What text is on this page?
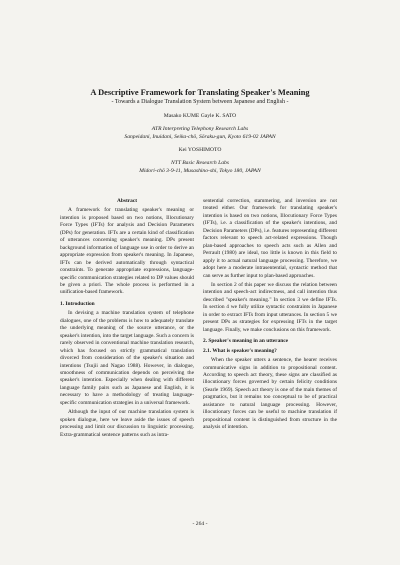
A Descriptive Framework for Translating Speaker's Meaning
- Towards a Dialogue Translation System between Japanese and English -
Masako KUME Gayle K. SATO
ATR Interpreting Telephony Research Labs
Sanpeidani, Inuidani, Seika-chō, Sōraku-gun, Kyoto 619-02 JAPAN
Kei YOSHIMOTO
NTT Basic Research Labs
Midori-chō 3-9-11, Musashino-shi, Tokyo 180, JAPAN

Abstract

A framework for translating speaker's meaning or intention is proposed based on two notions, Illocutionary Force Types (IFTs) for analysis and Decision Parameters (DPs) for generation. IFTs are a certain kind of classification of utterances concerning speaker's meaning. DPs present background information of language use in order to derive an appropriate expression from speaker's meaning. In Japanese, IFTs can be derived automatically through syntactical constraints. To generate appropriate expressions, language-specific communication strategies related to DP values should be given a priori. The whole process is performed in a unification-based framework.

1. Introduction

In devising a machine translation system of telephone dialogues, one of the problems is how to adequately translate the underlying meaning of the source utterance, or the speaker's intention, into the target language. Such a concern is rarely observed in conventional machine translation research, which has focused on strictly grammatical translation divorced from consideration of the speaker's situation and intentions (Tsujii and Nagao 1988). However, in dialogue, smoothness of communication depends on perceiving the speaker's intention. Especially when dealing with different language family pairs such as Japanese and English, it is necessary to have a methodology of treating language-specific communication strategies in a universal framework.

Although the input of our machine translation system is spoken dialogue, here we leave aside the issues of speech processing and limit our discussion to linguistic processing. Extra-grammatical sentence patterns such as intra-

sentential correction, stammering, and inversion are not treated either. Our framework for translating speaker's intention is based on two notions, Illocutionary Force Types (IFTs), i.e. a classification of the speaker's intentions, and Decision Parameters (DPs), i.e. features representing different factors relevant to speech act-related expressions. Though plan-based approaches to speech acts such as Allen and Perrault (1980) are ideal, too little is known in this field to apply it to actual natural language processing. Therefore, we adopt here a moderate intrasentential, syntactic method that can serve as further input to plan-based approaches.

In section 2 of this paper we discuss the relation between intention and speech-act indirectness, and call intention thus described "speaker's meaning." In section 3 we define IFTs. In section 4 we fully utilize syntactic constraints in Japanese in order to extract IFTs from input utterances. In section 5 we present DPs as strategies for expressing IFTs in the target language. Finally, we make conclusions on this framework.

2. Speaker's meaning in an utterance

2.1. What is speaker's meaning?

When the speaker utters a sentence, the hearer receives communicative signs in addition to propositional content. According to speech act theory, these signs are classified as illocutionary forces governed by certain felicity conditions (Searle 1969). Speech act theory is one of the main themes of pragmatics, but it remains too conceptual to be of practical assistance to natural language processing. However, illocutionary forces can be useful to machine translation if propositional content is distinguished from structure in the analysis of intention.

- 264 -
